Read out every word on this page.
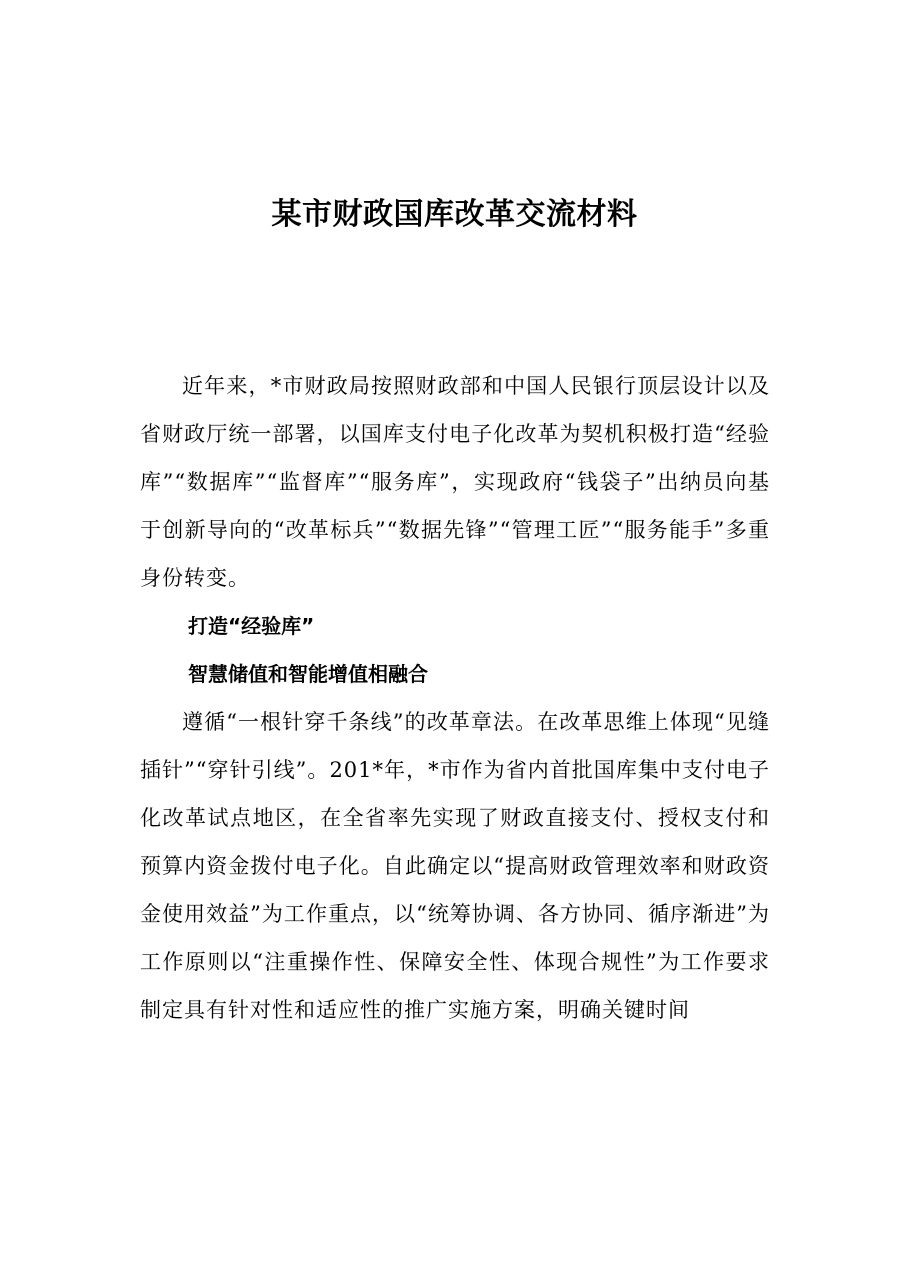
某市财政国库改革交流材料

近年来，*市财政局按照财政部和中国人民银行顶层设计以及省财政厅统一部署，以国库支付电子化改革为契机积极打造“经验库”“数据库”“监督库”“服务库”，实现政府“钱袋子”出纳员向基于创新导向的“改革标兵”“数据先锋”“管理工匠”“服务能手”多重身份转变。

打造“经验库”

智慧储值和智能增值相融合

遵循“一根针穿千条线”的改革章法。在改革思维上体现“见缝插针”“穿针引线”。201*年，*市作为省内首批国库集中支付电子化改革试点地区，在全省率先实现了财政直接支付、授权支付和预算内资金拨付电子化。自此确定以“提高财政管理效率和财政资金使用效益”为工作重点，以“统筹协调、各方协同、循序渐进”为工作原则以“注重操作性、保障安全性、体现合规性”为工作要求制定具有针对性和适应性的推广实施方案，明确关键时间
